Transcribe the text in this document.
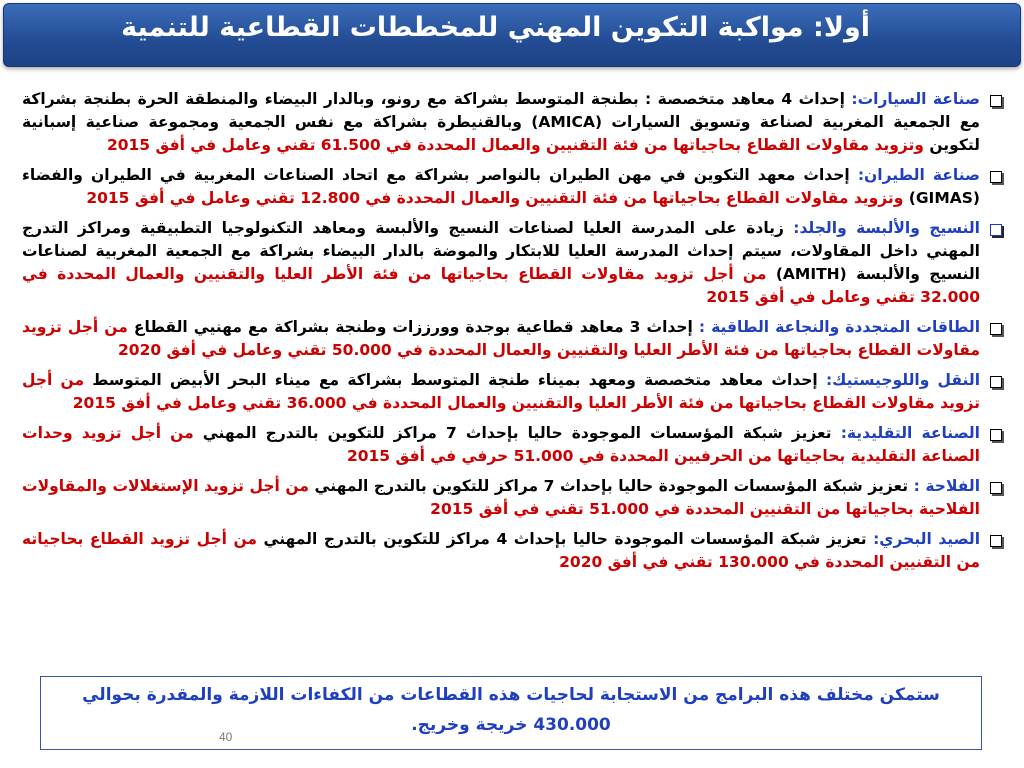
أولا: مواكبة التكوين المهني للمخططات القطاعية للتنمية
صناعة السيارات: إحداث 4 معاهد متخصصة : بطنجة المتوسط بشراكة مع رونو، وبالدار البيضاء والمنطقة الحرة بطنجة بشراكة مع الجمعية المغربية لصناعة وتسويق السيارات (AMICA) وبالقنيطرة بشراكة مع نفس الجمعية ومجموعة صناعية إسبانية لتكوين وتزويد مقاولات القطاع بحاجياتها من فئة التقنيين والعمال المحددة في 61.500 تقني وعامل في أفق 2015
صناعة الطيران: إحداث معهد التكوين في مهن الطيران بالنواصر بشراكة مع اتحاد الصناعات المغربية في الطيران والفضاء (GIMAS) وتزويد مقاولات القطاع بحاجياتها من فئة التقنيين والعمال المحددة في 12.800 تقني وعامل في أفق 2015
النسيج والألبسة والجلد: زيادة على المدرسة العليا لصناعات النسيج والألبسة ومعاهد التكنولوجيا التطبيقية ومراكز التدرج المهني داخل المقاولات، سيتم إحداث المدرسة العليا للابتكار والموضة بالدار البيضاء بشراكة مع الجمعية المغربية لصناعات النسيج والألبسة (AMITH) من أجل تزويد مقاولات القطاع بحاجياتها من فئة الأطر العليا والتقنيين والعمال المحددة في 32.000 تقني وعامل في أفق 2015
الطاقات المتجددة والنجاعة الطاقية : إحداث 3 معاهد قطاعية بوجدة وورززات وطنجة بشراكة مع مهنيي القطاع من أجل تزويد مقاولات القطاع بحاجياتها من فئة الأطر العليا والتقنيين والعمال المحددة في 50.000 تقني وعامل في أفق 2020
النقل واللوجيستيك: إحداث معاهد متخصصة ومعهد بميناء طنجة المتوسط بشراكة مع ميناء البحر الأبيض المتوسط من أجل تزويد مقاولات القطاع بحاجياتها من فئة الأطر العليا والتقنيين والعمال المحددة في 36.000 تقني وعامل في أفق 2015
الصناعة التقليدية: تعزيز شبكة المؤسسات الموجودة حاليا بإحداث 7 مراكز للتكوين بالتدرج المهني من أجل تزويد وحدات الصناعة التقليدية بحاجياتها من الحرفيين المحددة في 51.000 حرفي في أفق 2015
الفلاحة : تعزيز شبكة المؤسسات الموجودة حاليا بإحداث 7 مراكز للتكوين بالتدرج المهني من أجل تزويد الإستغلالات والمقاولات الفلاحية بحاجياتها من التقنيين المحددة في 51.000 تقني في أفق 2015
الصيد البحري: تعزيز شبكة المؤسسات الموجودة حاليا بإحداث 4 مراكز للتكوين بالتدرج المهني من أجل تزويد القطاع بحاجياته من التقنيين المحددة في 130.000 تقني في أفق 2020
ستمكن مختلف هذه البرامج من الاستجابة لحاجيات هذه القطاعات من الكفاءات اللازمة والمقدرة بحوالي
430.000 خريجة وخريج.
40
